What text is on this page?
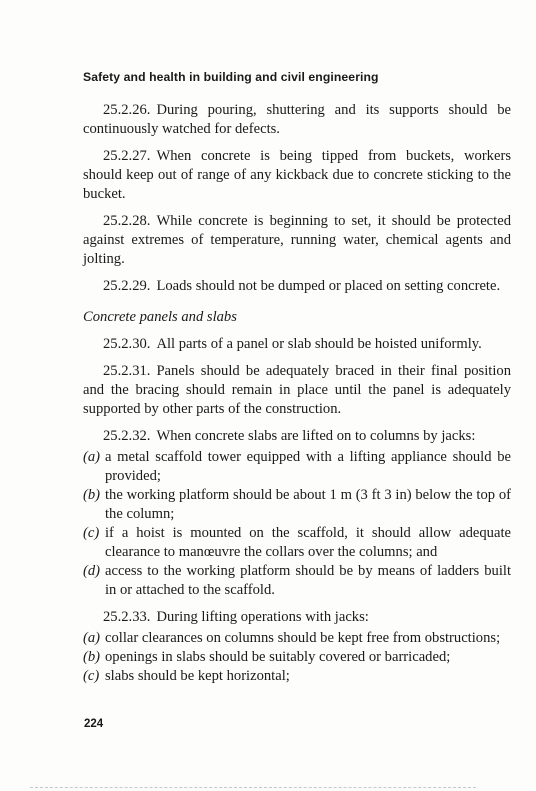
Safety and health in building and civil engineering

25.2.26. During pouring, shuttering and its supports should be continuously watched for defects.

25.2.27. When concrete is being tipped from buckets, workers should keep out of range of any kickback due to concrete sticking to the bucket.

25.2.28. While concrete is beginning to set, it should be protected against extremes of temperature, running water, chemical agents and jolting.

25.2.29. Loads should not be dumped or placed on setting concrete.

Concrete panels and slabs

25.2.30. All parts of a panel or slab should be hoisted uniformly.

25.2.31. Panels should be adequately braced in their final position and the bracing should remain in place until the panel is adequately supported by other parts of the construction.

25.2.32. When concrete slabs are lifted on to columns by jacks:

(a) a metal scaffold tower equipped with a lifting appliance should be provided;

(b) the working platform should be about 1 m (3 ft 3 in) below the top of the column;

(c) if a hoist is mounted on the scaffold, it should allow adequate clearance to manœuvre the collars over the columns; and

(d) access to the working platform should be by means of ladders built in or attached to the scaffold.

25.2.33. During lifting operations with jacks:

(a) collar clearances on columns should be kept free from obstructions;

(b) openings in slabs should be suitably covered or barricaded;

(c) slabs should be kept horizontal;

224
